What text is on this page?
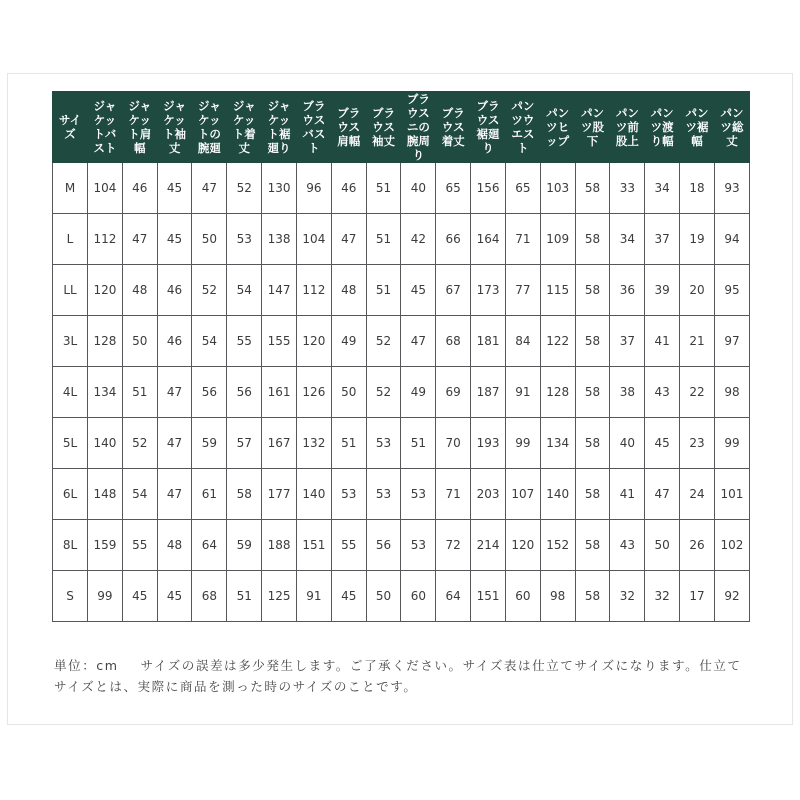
サイズ	ジャケットバスト	ジャケット肩幅	ジャケット袖丈	ジャケットの腕廻	ジャケット着丈	ジャケット裾廻り	ブラウスバスト	ブラウス肩幅	ブラウス袖丈	ブラウスニの腕周り	ブラウス着丈	ブラウス裾廻り	パンツウエスト	パンツヒップ	パンツ股下	パンツ前股上	パンツ渡り幅	パンツ裾幅	パンツ総丈
M	104	46	45	47	52	130	96	46	51	40	65	156	65	103	58	33	34	18	93
L	112	47	45	50	53	138	104	47	51	42	66	164	71	109	58	34	37	19	94
LL	120	48	46	52	54	147	112	48	51	45	67	173	77	115	58	36	39	20	95
3L	128	50	46	54	55	155	120	49	52	47	68	181	84	122	58	37	41	21	97
4L	134	51	47	56	56	161	126	50	52	49	69	187	91	128	58	38	43	22	98
5L	140	52	47	59	57	167	132	51	53	51	70	193	99	134	58	40	45	23	99
6L	148	54	47	61	58	177	140	53	53	53	71	203	107	140	58	41	47	24	101
8L	159	55	48	64	59	188	151	55	56	53	72	214	120	152	58	43	50	26	102
S	99	45	45	68	51	125	91	45	50	60	64	151	60	98	58	32	32	17	92
単位：cm サイズの誤差は多少発生します。ご了承ください。サイズ表は仕立てサイズになります。仕立てサイズとは、実際に商品を測った時のサイズのことです。
